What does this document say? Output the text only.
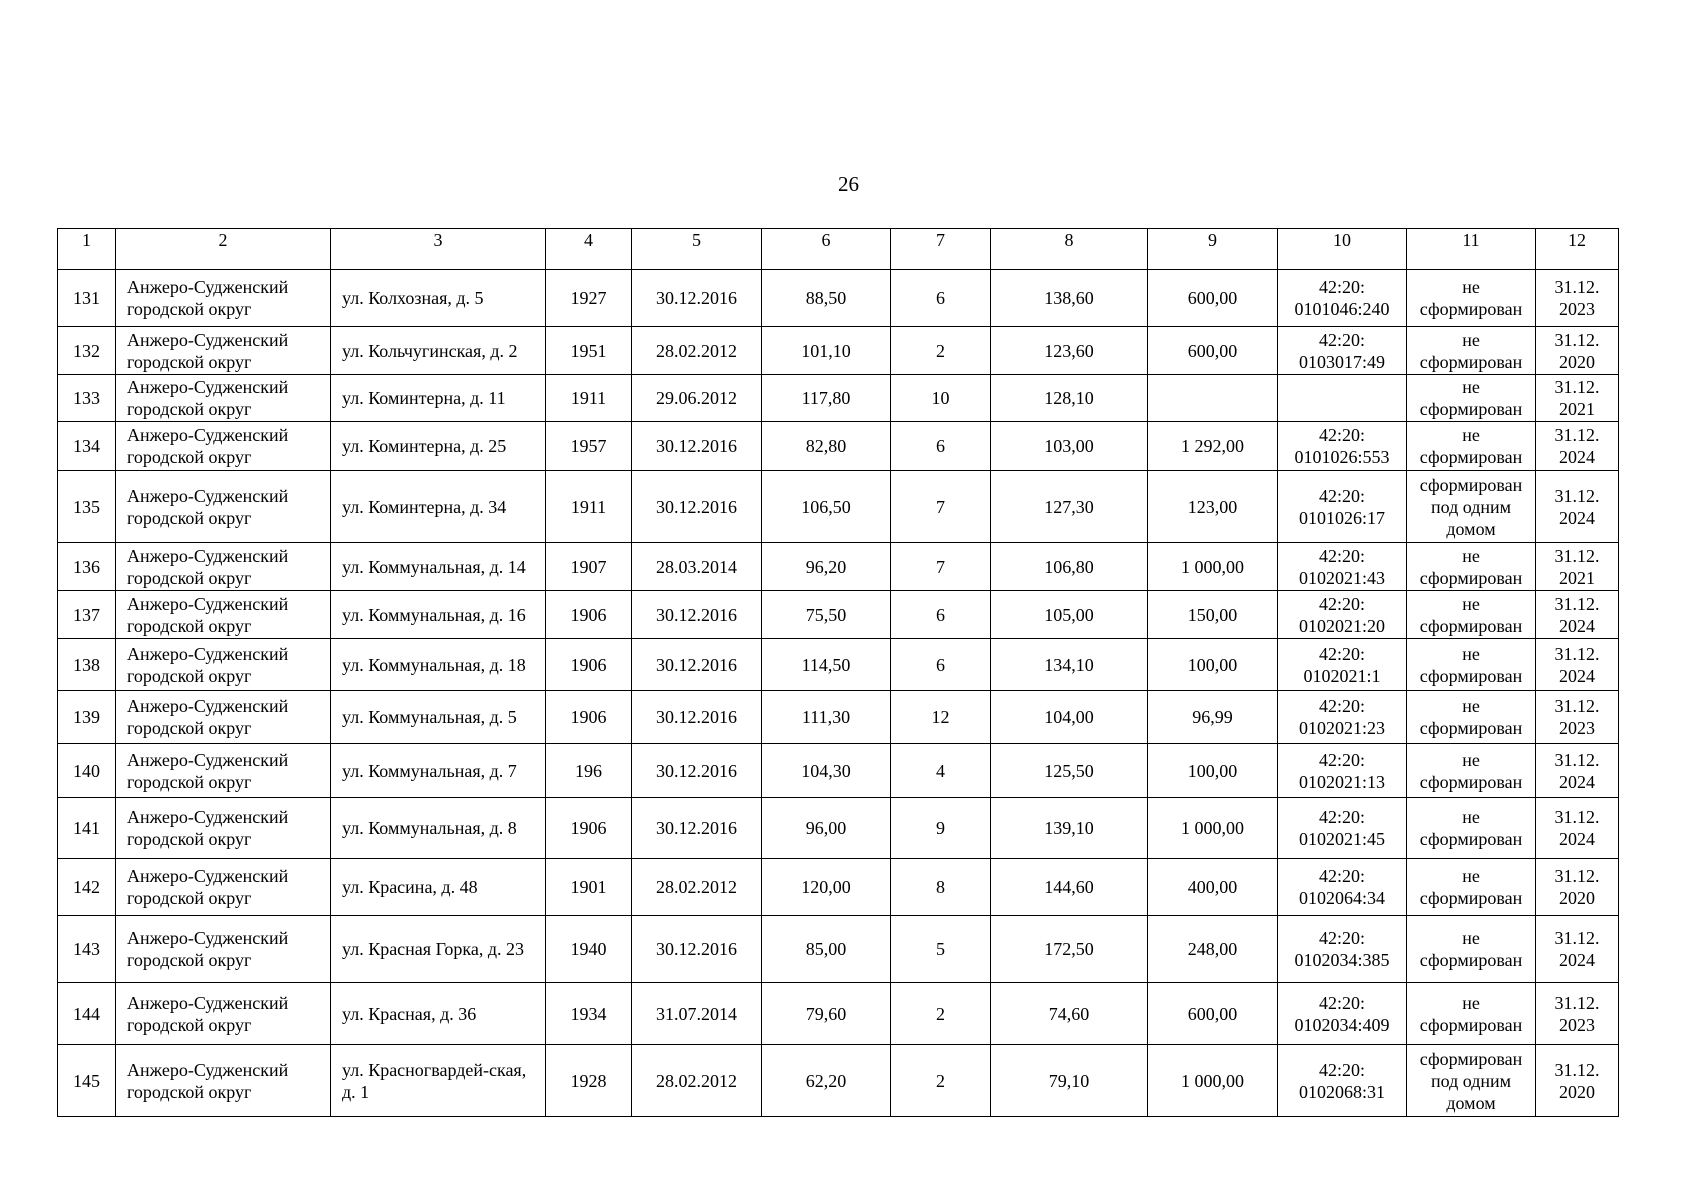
26
1	2	3	4	5	6	7	8	9	10	11	12
131	Анжеро-Судженский городской округ	ул. Колхозная, д. 5	1927	30.12.2016	88,50	6	138,60	600,00	42:20: 0101046:240	не сформирован	31.12. 2023
132	Анжеро-Судженский городской округ	ул. Кольчугинская, д. 2	1951	28.02.2012	101,10	2	123,60	600,00	42:20: 0103017:49	не сформирован	31.12. 2020
133	Анжеро-Судженский городской округ	ул. Коминтерна, д. 11	1911	29.06.2012	117,80	10	128,10			не сформирован	31.12. 2021
134	Анжеро-Судженский городской округ	ул. Коминтерна, д. 25	1957	30.12.2016	82,80	6	103,00	1 292,00	42:20: 0101026:553	не сформирован	31.12. 2024
135	Анжеро-Судженский городской округ	ул. Коминтерна, д. 34	1911	30.12.2016	106,50	7	127,30	123,00	42:20: 0101026:17	сформирован под одним домом	31.12. 2024
136	Анжеро-Судженский городской округ	ул. Коммунальная, д. 14	1907	28.03.2014	96,20	7	106,80	1 000,00	42:20: 0102021:43	не сформирован	31.12. 2021
137	Анжеро-Судженский городской округ	ул. Коммунальная, д. 16	1906	30.12.2016	75,50	6	105,00	150,00	42:20: 0102021:20	не сформирован	31.12. 2024
138	Анжеро-Судженский городской округ	ул. Коммунальная, д. 18	1906	30.12.2016	114,50	6	134,10	100,00	42:20: 0102021:1	не сформирован	31.12. 2024
139	Анжеро-Судженский городской округ	ул. Коммунальная, д. 5	1906	30.12.2016	111,30	12	104,00	96,99	42:20: 0102021:23	не сформирован	31.12. 2023
140	Анжеро-Судженский городской округ	ул. Коммунальная, д. 7	196	30.12.2016	104,30	4	125,50	100,00	42:20: 0102021:13	не сформирован	31.12. 2024
141	Анжеро-Судженский городской округ	ул. Коммунальная, д. 8	1906	30.12.2016	96,00	9	139,10	1 000,00	42:20: 0102021:45	не сформирован	31.12. 2024
142	Анжеро-Судженский городской округ	ул. Красина, д. 48	1901	28.02.2012	120,00	8	144,60	400,00	42:20: 0102064:34	не сформирован	31.12. 2020
143	Анжеро-Судженский городской округ	ул. Красная Горка, д. 23	1940	30.12.2016	85,00	5	172,50	248,00	42:20: 0102034:385	не сформирован	31.12. 2024
144	Анжеро-Судженский городской округ	ул. Красная, д. 36	1934	31.07.2014	79,60	2	74,60	600,00	42:20: 0102034:409	не сформирован	31.12. 2023
145	Анжеро-Судженский городской округ	ул. Красногвардей-ская, д. 1	1928	28.02.2012	62,20	2	79,10	1 000,00	42:20: 0102068:31	сформирован под одним домом	31.12. 2020
